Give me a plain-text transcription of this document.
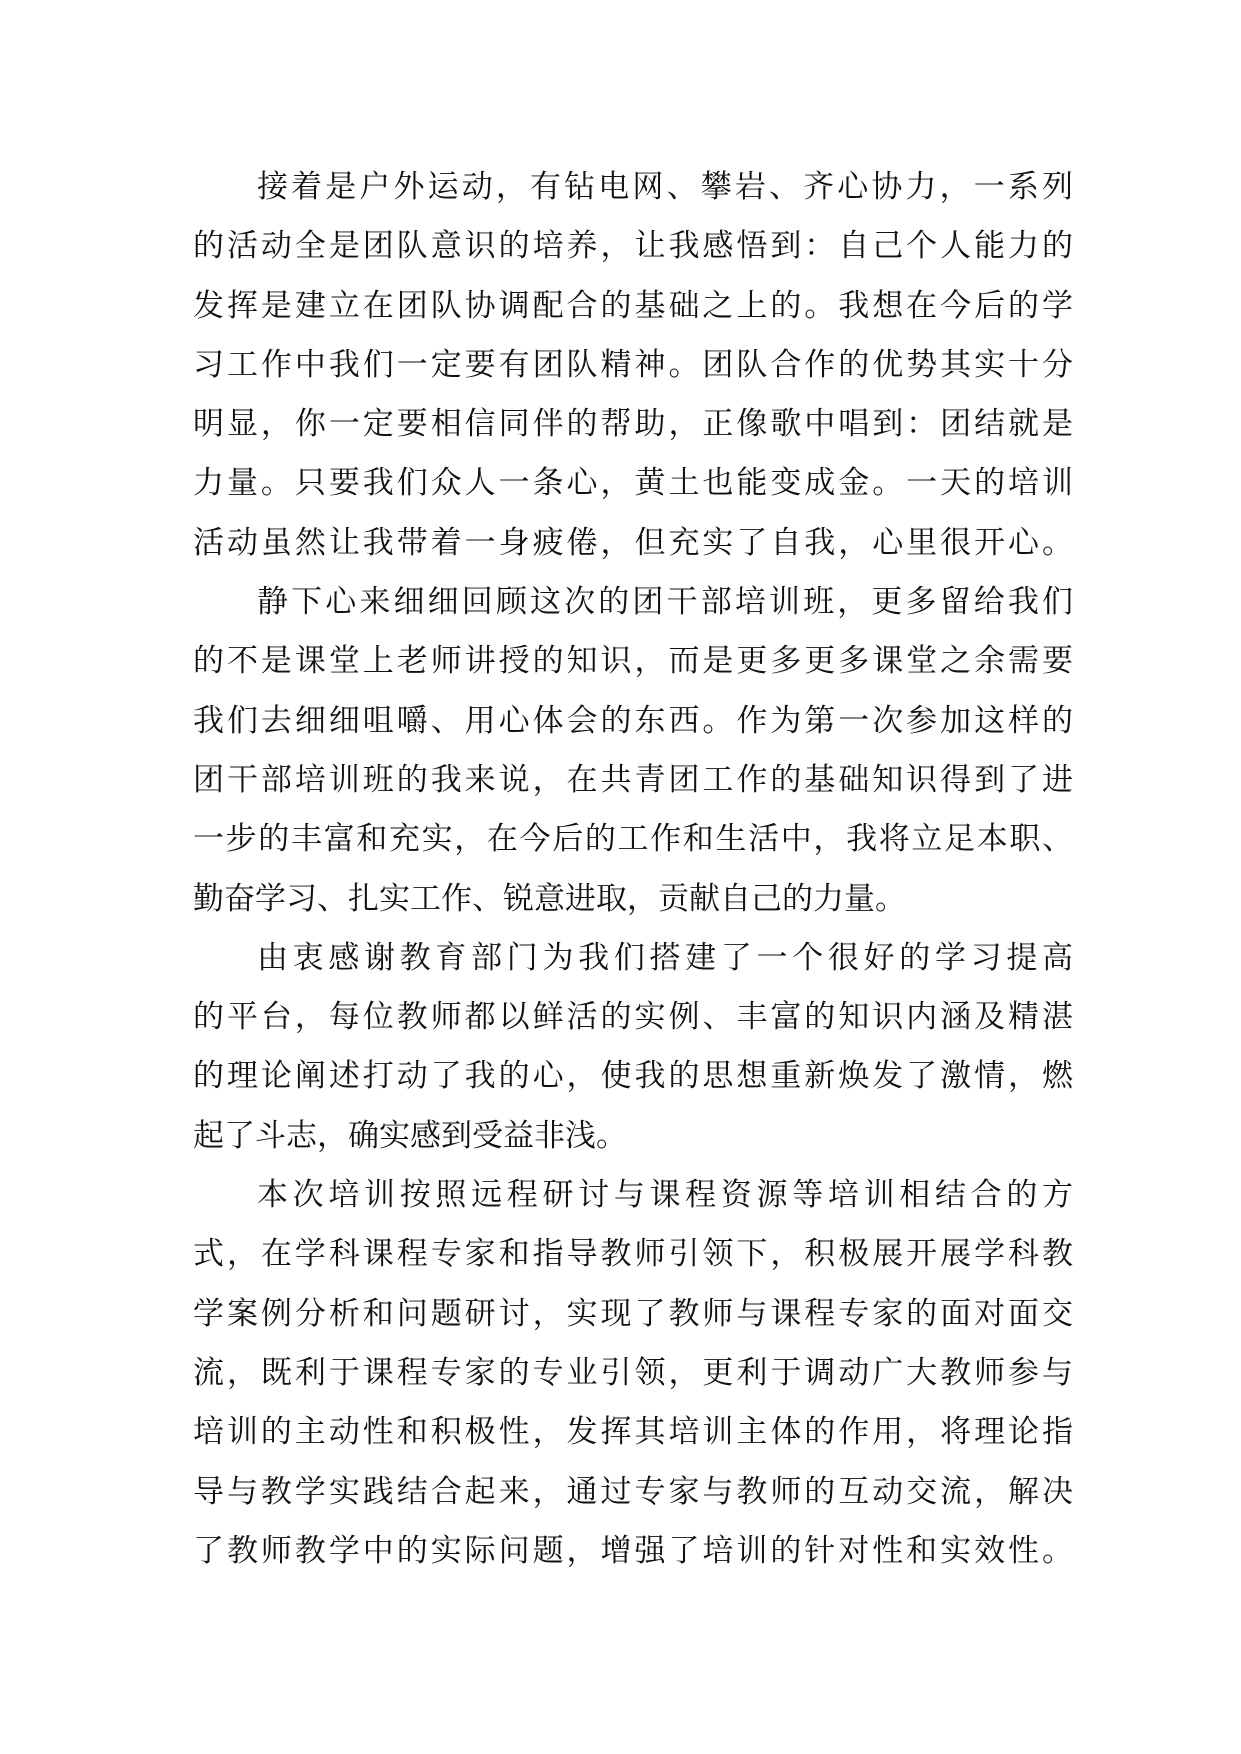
接着是户外运动，有钻电网、攀岩、齐心协力，一系列
的活动全是团队意识的培养，让我感悟到：自己个人能力的
发挥是建立在团队协调配合的基础之上的。我想在今后的学
习工作中我们一定要有团队精神。团队合作的优势其实十分
明显，你一定要相信同伴的帮助，正像歌中唱到：团结就是
力量。只要我们众人一条心，黄土也能变成金。一天的培训
活动虽然让我带着一身疲倦，但充实了自我，心里很开心。
静下心来细细回顾这次的团干部培训班，更多留给我们
的不是课堂上老师讲授的知识，而是更多更多课堂之余需要
我们去细细咀嚼、用心体会的东西。作为第一次参加这样的
团干部培训班的我来说，在共青团工作的基础知识得到了进
一步的丰富和充实，在今后的工作和生活中，我将立足本职、
勤奋学习、扎实工作、锐意进取，贡献自己的力量。
由衷感谢教育部门为我们搭建了一个很好的学习提高
的平台，每位教师都以鲜活的实例、丰富的知识内涵及精湛
的理论阐述打动了我的心，使我的思想重新焕发了激情，燃
起了斗志，确实感到受益非浅。
本次培训按照远程研讨与课程资源等培训相结合的方
式，在学科课程专家和指导教师引领下，积极展开展学科教
学案例分析和问题研讨，实现了教师与课程专家的面对面交
流，既利于课程专家的专业引领，更利于调动广大教师参与
培训的主动性和积极性，发挥其培训主体的作用，将理论指
导与教学实践结合起来，通过专家与教师的互动交流，解决
了教师教学中的实际问题，增强了培训的针对性和实效性。
